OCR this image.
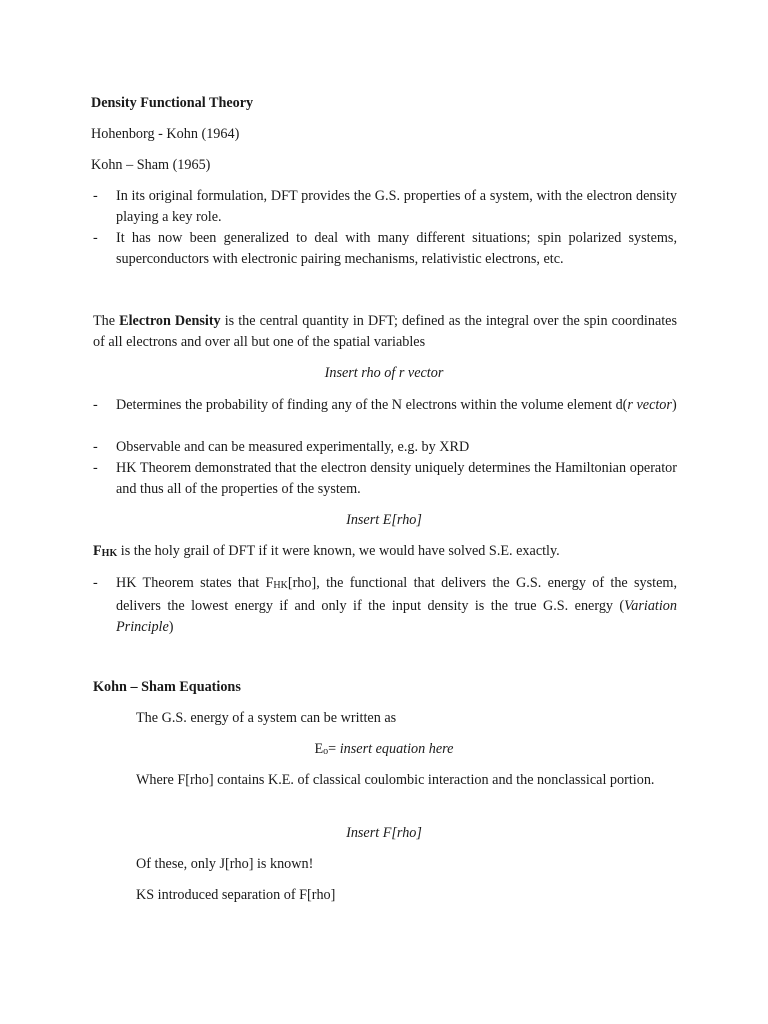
Density Functional Theory
Hohenborg - Kohn (1964)
Kohn – Sham (1965)
- In its original formulation, DFT provides the G.S. properties of a system, with the electron density playing a key role.
- It has now been generalized to deal with many different situations; spin polarized systems, superconductors with electronic pairing mechanisms, relativistic electrons, etc.
The Electron Density is the central quantity in DFT; defined as the integral over the spin coordinates of all electrons and over all but one of the spatial variables
Insert rho of r vector
- Determines the probability of finding any of the N electrons within the volume element d(r vector)
- Observable and can be measured experimentally, e.g. by XRD
- HK Theorem demonstrated that the electron density uniquely determines the Hamiltonian operator and thus all of the properties of the system.
Insert E[rho]
FHK is the holy grail of DFT if it were known, we would have solved S.E. exactly.
- HK Theorem states that FHK[rho], the functional that delivers the G.S. energy of the system, delivers the lowest energy if and only if the input density is the true G.S. energy (Variation Principle)
Kohn – Sham Equations
The G.S. energy of a system can be written as
Eo= insert equation here
Where F[rho] contains K.E. of classical coulombic interaction and the nonclassical portion.
Insert F[rho]
Of these, only J[rho] is known!
KS introduced separation of F[rho]
